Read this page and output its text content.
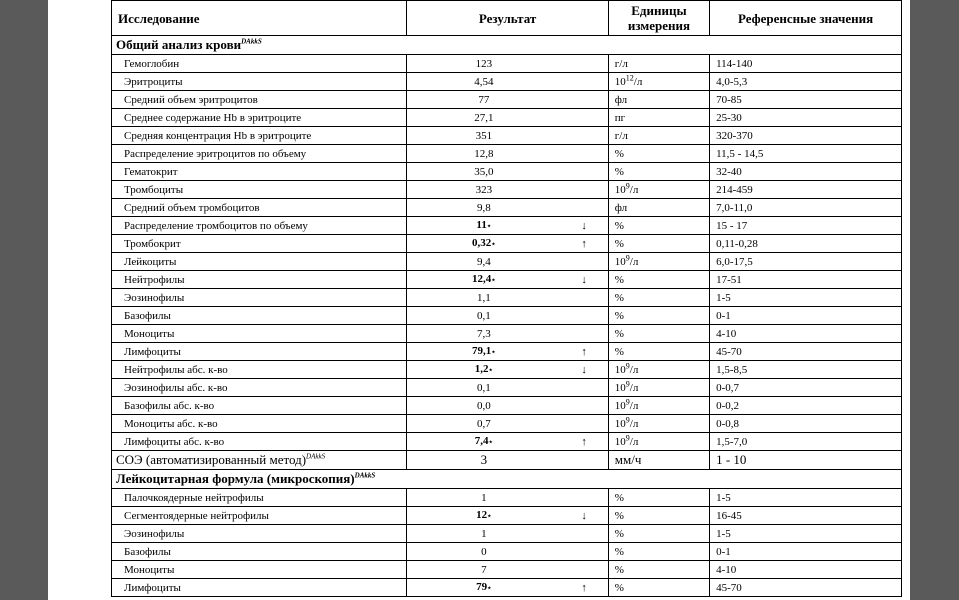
Исследование	Результат		Единицы измерения	Референсные значения
Общий анализ крови$^{DAkkS}$
Гемоглобин	123		г/л	114-140
Эритроциты	4,54		$10^{12}/л$	4,0-5,3
Средний объем эритроцитов	77		фл	70-85
Среднее содержание Hb в эритроците	27,1		пг	25-30
Средняя концентрация Hb в эритроците	351		г/л	320-370
Распределение эритроцитов по объему	12,8		%	11,5 - 14,5
Гематокрит	35,0		%	32-40
Тромбоциты	323		$10^9/л$	214-459
Средний объем тромбоцитов	9,8		фл	7,0-11,0
Распределение тромбоцитов по объему	11⋆	↓	%	15 - 17
Тромбокрит	0,32⋆	↑	%	0,11-0,28
Лейкоциты	9,4		$10^9/л$	6,0-17,5
Нейтрофилы	12,4⋆	↓	%	17-51
Эозинофилы	1,1		%	1-5
Базофилы	0,1		%	0-1
Моноциты	7,3		%	4-10
Лимфоциты	79,1⋆	↑	%	45-70
Нейтрофилы абс. к-во	1,2⋆	↓	$10^9/л$	1,5-8,5
Эозинофилы абс. к-во	0,1		$10^9/л$	0-0,7
Базофилы абс. к-во	0,0		$10^9/л$	0-0,2
Моноциты абс. к-во	0,7		$10^9/л$	0-0,8
Лимфоциты абс. к-во	7,4⋆	↑	$10^9/л$	1,5-7,0
СОЭ (автоматизированный метод)$^{DAkkS}$	3		мм/ч	1 - 10
Лейкоцитарная формула (микроскопия)$^{DAkkS}$
Палочкоядерные нейтрофилы	1		%	1-5
Сегментоядерные нейтрофилы	12⋆	↓	%	16-45
Эозинофилы	1		%	1-5
Базофилы	0		%	0-1
Моноциты	7		%	4-10
Лимфоциты	79⋆	↑	%	45-70
